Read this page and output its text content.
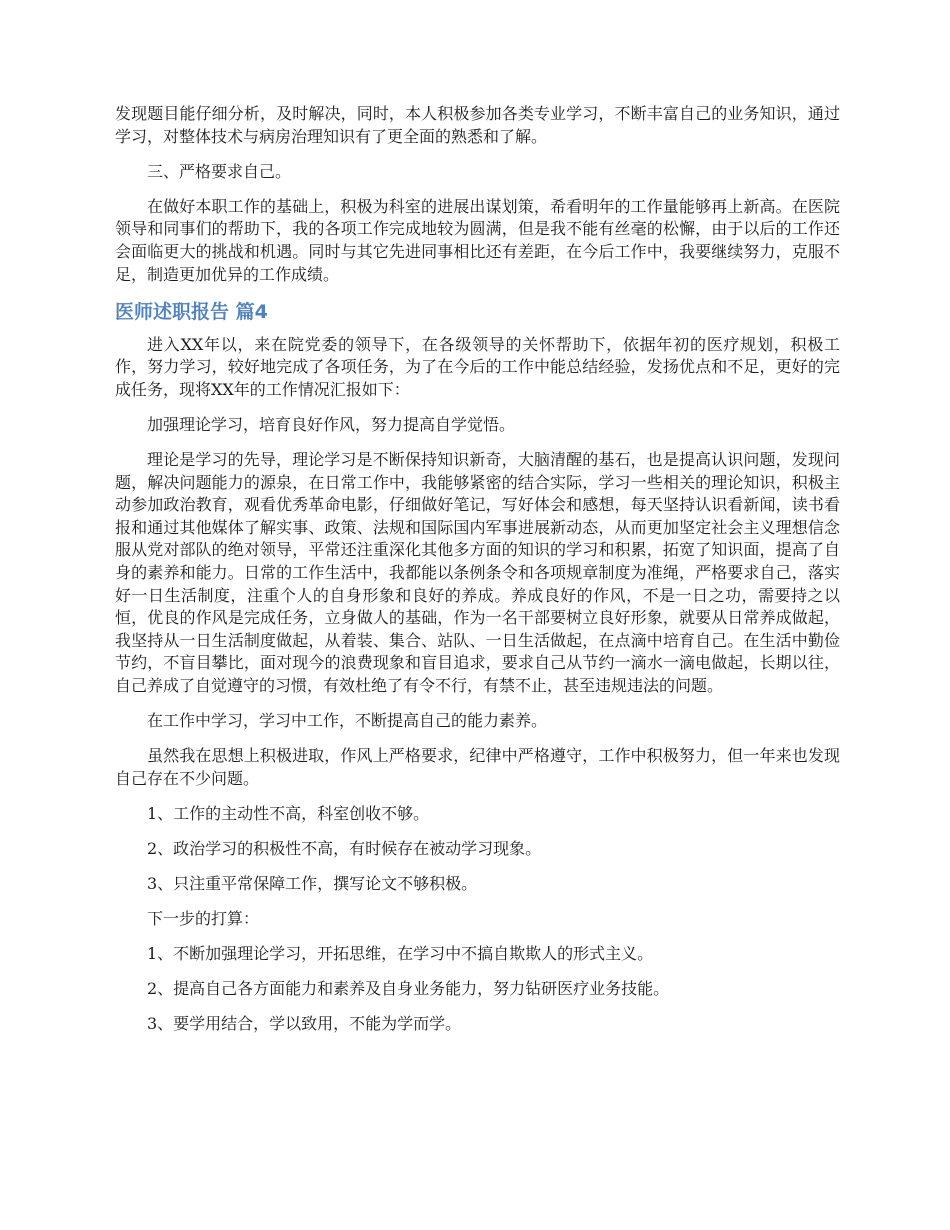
发现题目能仔细分析，及时解决，同时，本人积极参加各类专业学习，不断丰富自己的业务知识，通过学习，对整体技术与病房治理知识有了更全面的熟悉和了解。

三、严格要求自己。

在做好本职工作的基础上，积极为科室的进展出谋划策，希看明年的工作量能够再上新高。在医院领导和同事们的帮助下，我的各项工作完成地较为圆满，但是我不能有丝毫的松懈，由于以后的工作还会面临更大的挑战和机遇。同时与其它先进同事相比还有差距，在今后工作中，我要继续努力，克服不足，制造更加优异的工作成绩。

医师述职报告 篇4

进入XX年以，来在院党委的领导下，在各级领导的关怀帮助下，依据年初的医疗规划，积极工作，努力学习，较好地完成了各项任务，为了在今后的工作中能总结经验，发扬优点和不足，更好的完成任务，现将XX年的工作情况汇报如下：

加强理论学习，培育良好作风，努力提高自学觉悟。

理论是学习的先导，理论学习是不断保持知识新奇，大脑清醒的基石，也是提高认识问题，发现问题，解决问题能力的源泉，在日常工作中，我能够紧密的结合实际，学习一些相关的理论知识，积极主动参加政治教育，观看优秀革命电影，仔细做好笔记，写好体会和感想，每天坚持认识看新闻，读书看报和通过其他媒体了解实事、政策、法规和国际国内军事进展新动态，从而更加坚定社会主义理想信念服从党对部队的绝对领导，平常还注重深化其他多方面的知识的学习和积累，拓宽了知识面，提高了自身的素养和能力。日常的工作生活中，我都能以条例条令和各项规章制度为准绳，严格要求自己，落实好一日生活制度，注重个人的自身形象和良好的养成。养成良好的作风，不是一日之功，需要持之以恒，优良的作风是完成任务，立身做人的基础，作为一名干部要树立良好形象，就要从日常养成做起，我坚持从一日生活制度做起，从着装、集合、站队、一日生活做起，在点滴中培育自己。在生活中勤俭节约，不盲目攀比，面对现今的浪费现象和盲目追求，要求自己从节约一滴水一滴电做起，长期以往，自己养成了自觉遵守的习惯，有效杜绝了有令不行，有禁不止，甚至违规违法的问题。

在工作中学习，学习中工作，不断提高自己的能力素养。

虽然我在思想上积极进取，作风上严格要求，纪律中严格遵守，工作中积极努力，但一年来也发现自己存在不少问题。

1、工作的主动性不高，科室创收不够。

2、政治学习的积极性不高，有时候存在被动学习现象。

3、只注重平常保障工作，撰写论文不够积极。

下一步的打算：

1、不断加强理论学习，开拓思维，在学习中不搞自欺欺人的形式主义。

2、提高自己各方面能力和素养及自身业务能力，努力钻研医疗业务技能。

3、要学用结合，学以致用，不能为学而学。
